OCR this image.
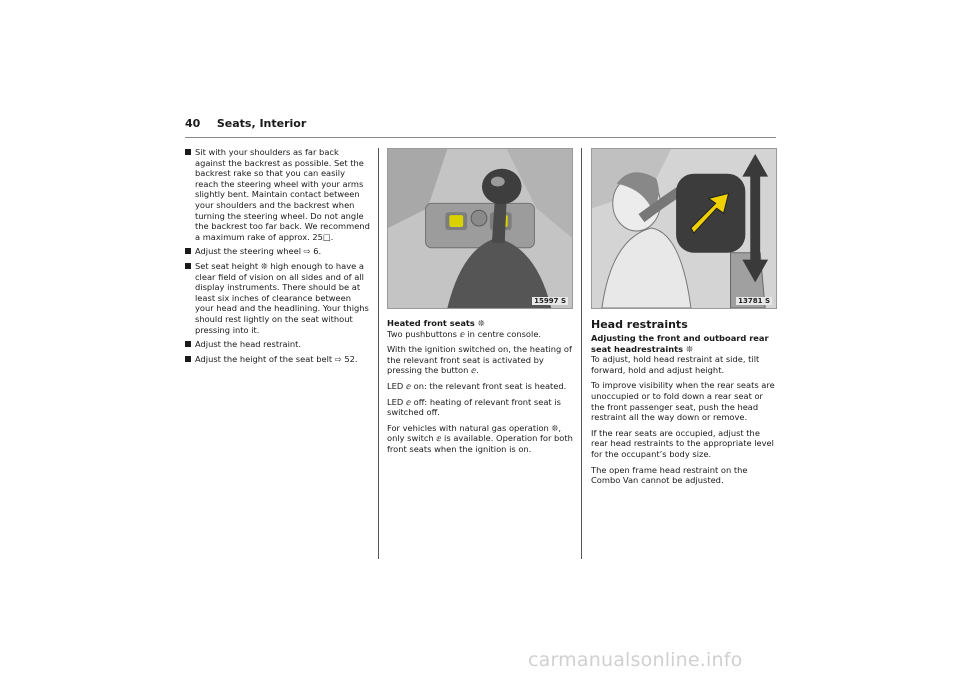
40 Seats, Interior
Sit with your shoulders as far back against the backrest as possible. Set the backrest rake so that you can easily reach the steering wheel with your arms slightly bent. Maintain contact between your shoulders and the backrest when turning the steering wheel. Do not angle the backrest too far back. We recommend a maximum rake of approx. 25□.
Adjust the steering wheel ⇨ 6.
Set seat height ❊ high enough to have a clear field of vision on all sides and of all display instruments. There should be at least six inches of clearance between your head and the headlining. Your thighs should rest lightly on the seat without pressing into it.
Adjust the head restraint.
Adjust the height of the seat belt ⇨ 52.
15997 S	13781 S
Heated front seats ❊
Two pushbuttons ⅇ in centre console.
With the ignition switched on, the heating of the relevant front seat is activated by pressing the button ⅇ.
LED ⅇ on: the relevant front seat is heated.
LED ⅇ off: heating of relevant front seat is switched off.
For vehicles with natural gas operation ❊, only switch ⅇ is available. Operation for both front seats when the ignition is on.
Head restraints
Adjusting the front and outboard rear seat headrestraints ❊
To adjust, hold head restraint at side, tilt forward, hold and adjust height.
To improve visibility when the rear seats are unoccupied or to fold down a rear seat or the front passenger seat, push the head restraint all the way down or remove.
If the rear seats are occupied, adjust the rear head restraints to the appropriate level for the occupant’s body size.
The open frame head restraint on the Combo Van cannot be adjusted.
carmanualsonline.info
